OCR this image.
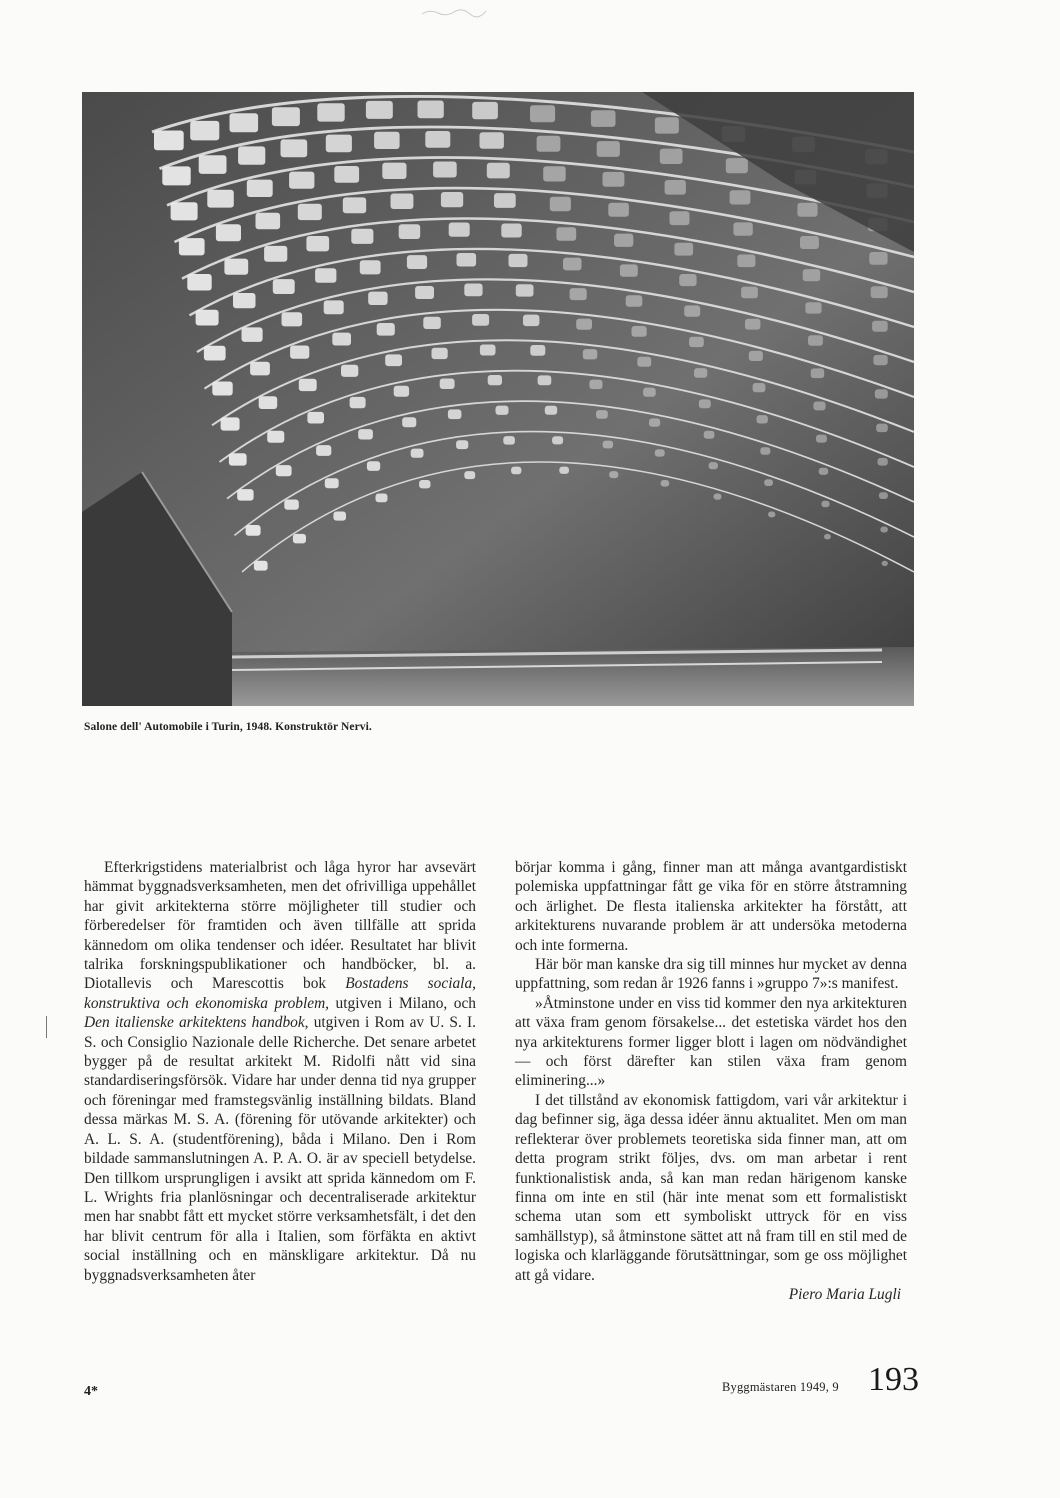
Salone dell' Automobile i Turin, 1948. Konstruktör Nervi.

Efterkrigstidens materialbrist och låga hyror har avsevärt hämmat byggnadsverksamheten, men det ofrivilliga uppehållet har givit arkitekterna större möjligheter till studier och förberedelser för framtiden och även tillfälle att sprida kännedom om olika tendenser och idéer. Resultatet har blivit talrika forskningspublikationer och handböcker, bl. a. Diotallevis och Marescottis bok Bostadens sociala, konstruktiva och ekonomiska problem, utgiven i Milano, och Den italienske arkitektens handbok, utgiven i Rom av U. S. I. S. och Consiglio Nazionale delle Richerche. Det senare arbetet bygger på de resultat arkitekt M. Ridolfi nått vid sina standardiseringsförsök. Vidare har under denna tid nya grupper och föreningar med framstegsvänlig inställning bildats. Bland dessa märkas M. S. A. (förening för utövande arkitekter) och A. L. S. A. (studentförening), båda i Milano. Den i Rom bildade sammanslutningen A. P. A. O. är av speciell betydelse. Den tillkom ursprungligen i avsikt att sprida kännedom om F. L. Wrights fria planlösningar och decentraliserade arkitektur men har snabbt fått ett mycket större verksamhetsfält, i det den har blivit centrum för alla i Italien, som förfäkta en aktivt social inställning och en mänskligare arkitektur. Då nu byggnadsverksamheten åter

börjar komma i gång, finner man att många avantgardistiskt polemiska uppfattningar fått ge vika för en större åtstramning och ärlighet. De flesta italienska arkitekter ha förstått, att arkitekturens nuvarande problem är att undersöka metoderna och inte formerna.

Här bör man kanske dra sig till minnes hur mycket av denna uppfattning, som redan år 1926 fanns i »gruppo 7»:s manifest.

»Åtminstone under en viss tid kommer den nya arkitekturen att växa fram genom försakelse... det estetiska värdet hos den nya arkitekturens former ligger blott i lagen om nödvändighet — och först därefter kan stilen växa fram genom eliminering...»

I det tillstånd av ekonomisk fattigdom, vari vår arkitektur i dag befinner sig, äga dessa idéer ännu aktualitet. Men om man reflekterar över problemets teoretiska sida finner man, att om detta program strikt följes, dvs. om man arbetar i rent funktionalistisk anda, så kan man redan härigenom kanske finna om inte en stil (här inte menat som ett formalistiskt schema utan som ett symboliskt uttryck för en viss samhällstyp), så åtminstone sättet att nå fram till en stil med de logiska och klarläggande förutsättningar, som ge oss möjlighet att gå vidare.

Piero Maria Lugli
4*	Byggmästaren 1949, 9 193
